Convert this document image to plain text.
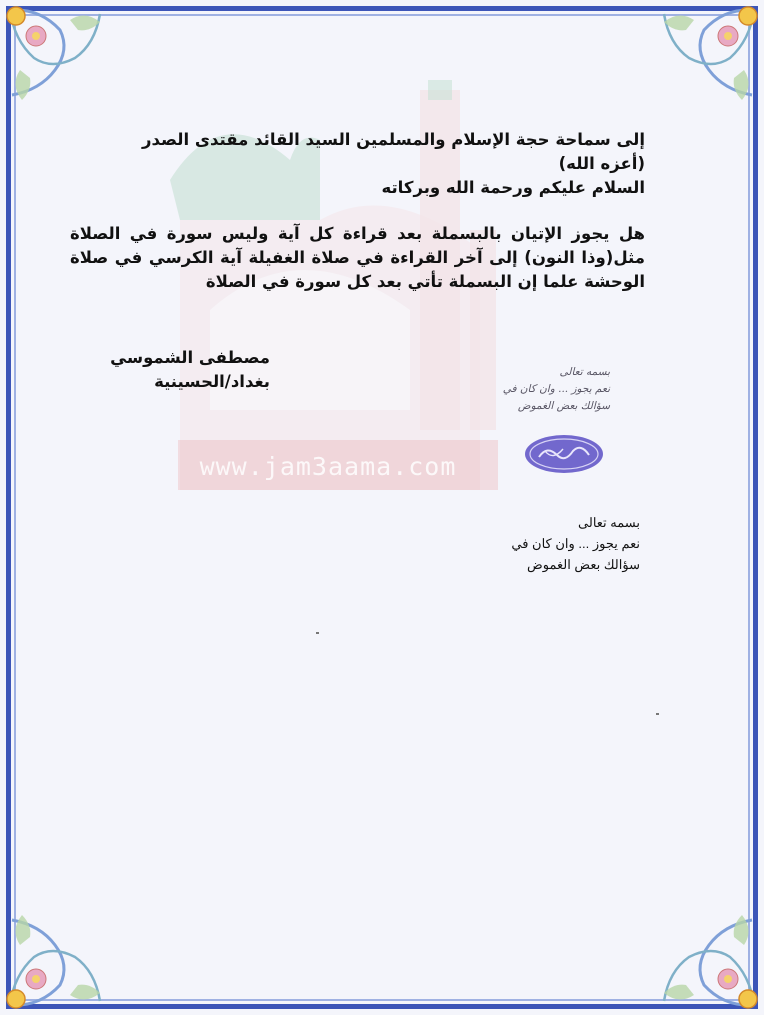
www.jam3aama.com

إلى سماحة حجة الإسلام والمسلمين السيد القائد مقتدى الصدر

(أعزه الله)

السلام عليكم ورحمة الله وبركاته

هل يجوز الإتيان بالبسملة بعد قراءة كل آية وليس سورة في الصلاة مثل(وذا النون) إلى آخر القراءة في صلاة الغفيلة آية الكرسي في صلاة الوحشة علما إن البسملة تأتي بعد كل سورة في الصلاة

مصطفى الشموسي
بغداد/الحسينية	بسمه تعالى
نعم يجوز ... وان كان في
سؤالك بعض الغموض

بسمه تعالى

نعم يجوز ... وان كان في

سؤالك بعض الغموض
